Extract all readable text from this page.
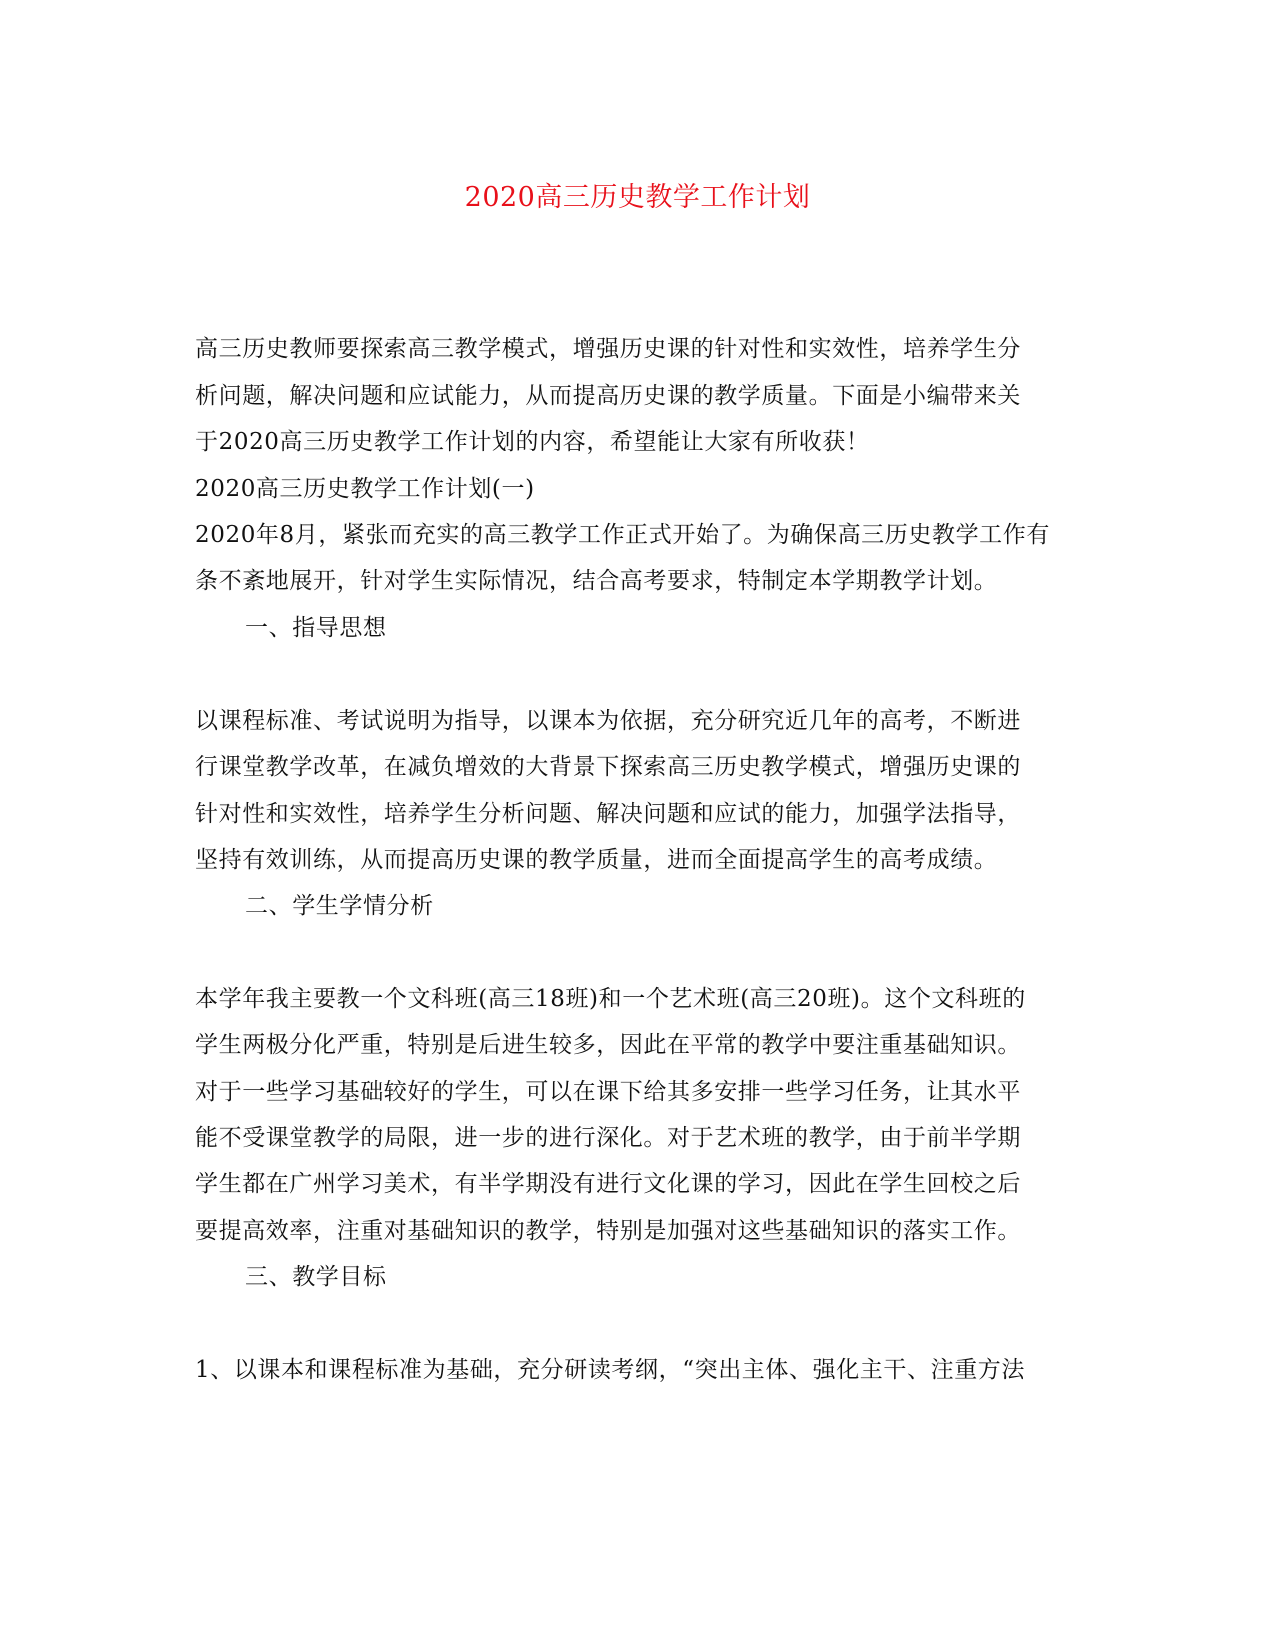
2020高三历史教学工作计划
高三历史教师要探索高三教学模式，增强历史课的针对性和实效性，培养学生分
析问题，解决问题和应试能力，从而提高历史课的教学质量。下面是小编带来关
于2020高三历史教学工作计划的内容，希望能让大家有所收获！
2020高三历史教学工作计划(一)
2020年8月，紧张而充实的高三教学工作正式开始了。为确保高三历史教学工作有
条不紊地展开，针对学生实际情况，结合高考要求，特制定本学期教学计划。
一、指导思想
以课程标准、考试说明为指导，以课本为依据，充分研究近几年的高考，不断进
行课堂教学改革，在减负增效的大背景下探索高三历史教学模式，增强历史课的
针对性和实效性，培养学生分析问题、解决问题和应试的能力，加强学法指导，
坚持有效训练，从而提高历史课的教学质量，进而全面提高学生的高考成绩。
二、学生学情分析
本学年我主要教一个文科班(高三18班)和一个艺术班(高三20班)。这个文科班的
学生两极分化严重，特别是后进生较多，因此在平常的教学中要注重基础知识。
对于一些学习基础较好的学生，可以在课下给其多安排一些学习任务，让其水平
能不受课堂教学的局限，进一步的进行深化。对于艺术班的教学，由于前半学期
学生都在广州学习美术，有半学期没有进行文化课的学习，因此在学生回校之后
要提高效率，注重对基础知识的教学，特别是加强对这些基础知识的落实工作。
三、教学目标
1、以课本和课程标准为基础，充分研读考纲，“突出主体、强化主干、注重方法
